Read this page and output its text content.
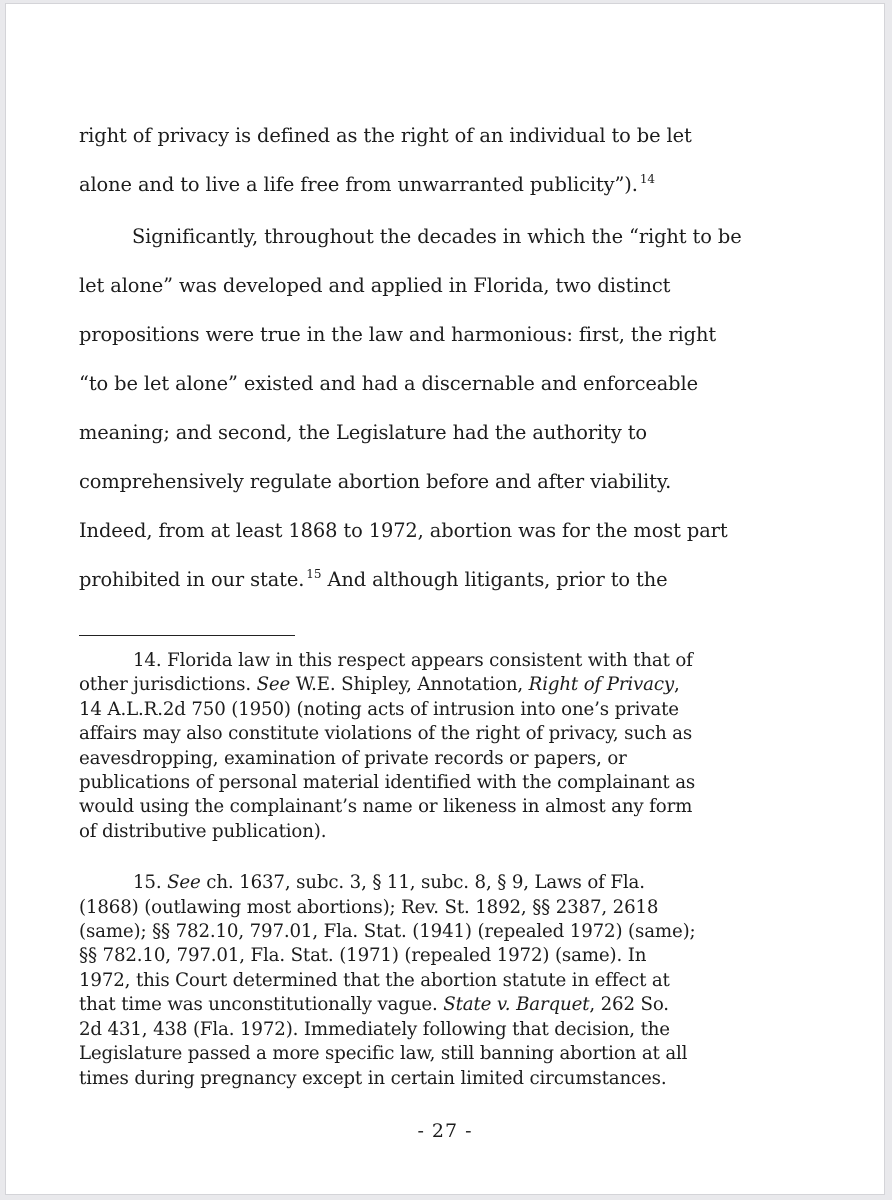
right of privacy is defined as the right of an individual to be let
alone and to live a life free from unwarranted publicity”). $^{14}$
Significantly, throughout the decades in which the “right to be
let alone” was developed and applied in Florida, two distinct
propositions were true in the law and harmonious: first, the right
“to be let alone” existed and had a discernable and enforceable
meaning; and second, the Legislature had the authority to
comprehensively regulate abortion before and after viability.
Indeed, from at least 1868 to 1972, abortion was for the most part
prohibited in our state. $^{15}$ And although litigants, prior to the
14. Florida law in this respect appears consistent with that of
other jurisdictions. See W.E. Shipley, Annotation, Right of Privacy,
14 A.L.R.2d 750 (1950) (noting acts of intrusion into one’s private
affairs may also constitute violations of the right of privacy, such as
eavesdropping, examination of private records or papers, or
publications of personal material identified with the complainant as
would using the complainant’s name or likeness in almost any form
of distributive publication).
15. See ch. 1637, subc. 3, § 11, subc. 8, § 9, Laws of Fla.
(1868) (outlawing most abortions); Rev. St. 1892, §§ 2387, 2618
(same); §§ 782.10, 797.01, Fla. Stat. (1941) (repealed 1972) (same);
§§ 782.10, 797.01, Fla. Stat. (1971) (repealed 1972) (same). In
1972, this Court determined that the abortion statute in effect at
that time was unconstitutionally vague. State v. Barquet, 262 So.
2d 431, 438 (Fla. 1972). Immediately following that decision, the
Legislature passed a more specific law, still banning abortion at all
times during pregnancy except in certain limited circumstances.
- 27 -
